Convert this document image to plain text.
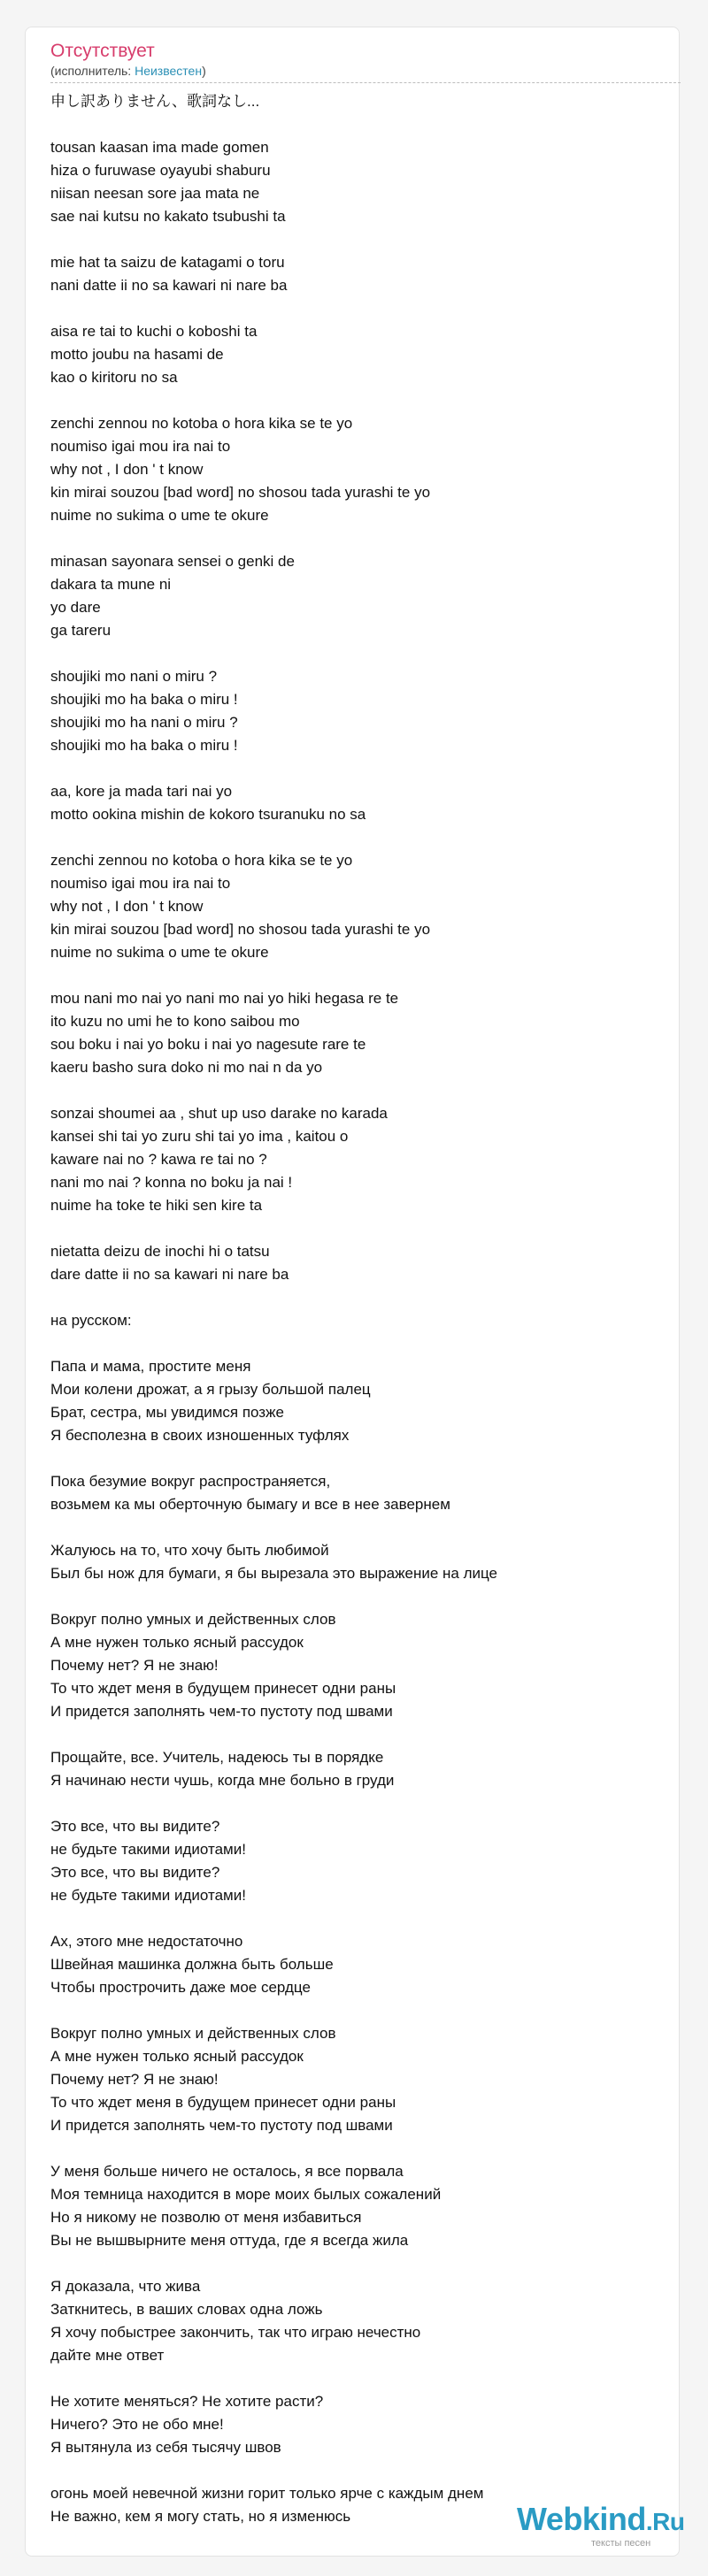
Отсутствует
(исполнитель: Неизвестен)
申し訳ありません、歌詞なし...
tousan kaasan ima made gomen
hiza o furuwase oyayubi shaburu
niisan neesan sore jaa mata ne
sae nai kutsu no kakato tsubushi ta
mie hat ta saizu de katagami o toru
nani datte ii no sa kawari ni nare ba
aisa re tai to kuchi o koboshi ta
motto joubu na hasami de
kao o kiritoru no sa
zenchi zennou no kotoba o hora kika se te yo
noumiso igai mou ira nai to
why not , I don ' t know
kin mirai souzou [bad word] no shosou tada yurashi te yo
nuime no sukima o ume te okure
minasan sayonara sensei o genki de
dakara ta mune ni
yo dare
ga tareru
shoujiki mo nani o miru ?
shoujiki mo ha baka o miru !
shoujiki mo ha nani o miru ?
shoujiki mo ha baka o miru !
aa, kore ja mada tari nai yo
motto ookina mishin de kokoro tsuranuku no sa
zenchi zennou no kotoba o hora kika se te yo
noumiso igai mou ira nai to
why not , I don ' t know
kin mirai souzou [bad word] no shosou tada yurashi te yo
nuime no sukima o ume te okure
mou nani mo nai yo nani mo nai yo hiki hegasa re te
ito kuzu no umi he to kono saibou mo
sou boku i nai yo boku i nai yo nagesute rare te
kaeru basho sura doko ni mo nai n da yo
sonzai shoumei aa , shut up uso darake no karada
kansei shi tai yo zuru shi tai yo ima , kaitou o
kaware nai no ? kawa re tai no ?
nani mo nai ? konna no boku ja nai !
nuime ha toke te hiki sen kire ta
nietatta deizu de inochi hi o tatsu
dare datte ii no sa kawari ni nare ba
на русском:
Папа и мама, простите меня
Мои колени дрожат, а я грызу большой палец
Брат, сестра, мы увидимся позже
Я бесполезна в своих изношенных туфлях
Пока безумие вокруг распространяется,
возьмем ка мы оберточную бымагу и все в нее завернем
Жалуюсь на то, что хочу быть любимой
Был бы нож для бумаги, я бы вырезала это выражение на лице
Вокруг полно умных и действенных слов
А мне нужен только ясный рассудок
Почему нет? Я не знаю!
То что ждет меня в будущем принесет одни раны
И придется заполнять чем-то пустоту под швами
Прощайте, все. Учитель, надеюсь ты в порядке
Я начинаю нести чушь, когда мне больно в груди
Это все, что вы видите?
не будьте такими идиотами!
Это все, что вы видите?
не будьте такими идиотами!
Ах, этого мне недостаточно
Швейная машинка должна быть больше
Чтобы прострочить даже мое сердце
Вокруг полно умных и действенных слов
А мне нужен только ясный рассудок
Почему нет? Я не знаю!
То что ждет меня в будущем принесет одни раны
И придется заполнять чем-то пустоту под швами
У меня больше ничего не осталось, я все порвала
Моя темница находится в море моих былых сожалений
Но я никому не позволю от меня избавиться
Вы не вышвырните меня оттуда, где я всегда жила
Я доказала, что жива
Заткнитесь, в ваших словах одна ложь
Я хочу побыстрее закончить, так что играю нечестно
дайте мне ответ
Не хотите меняться? Не хотите расти?
Ничего? Это не обо мне!
Я вытянула из себя тысячу швов
огонь моей невечной жизни горит только ярче с каждым днем
Не важно, кем я могу стать, но я изменюсь	Webkind.Ru
тексты песен
